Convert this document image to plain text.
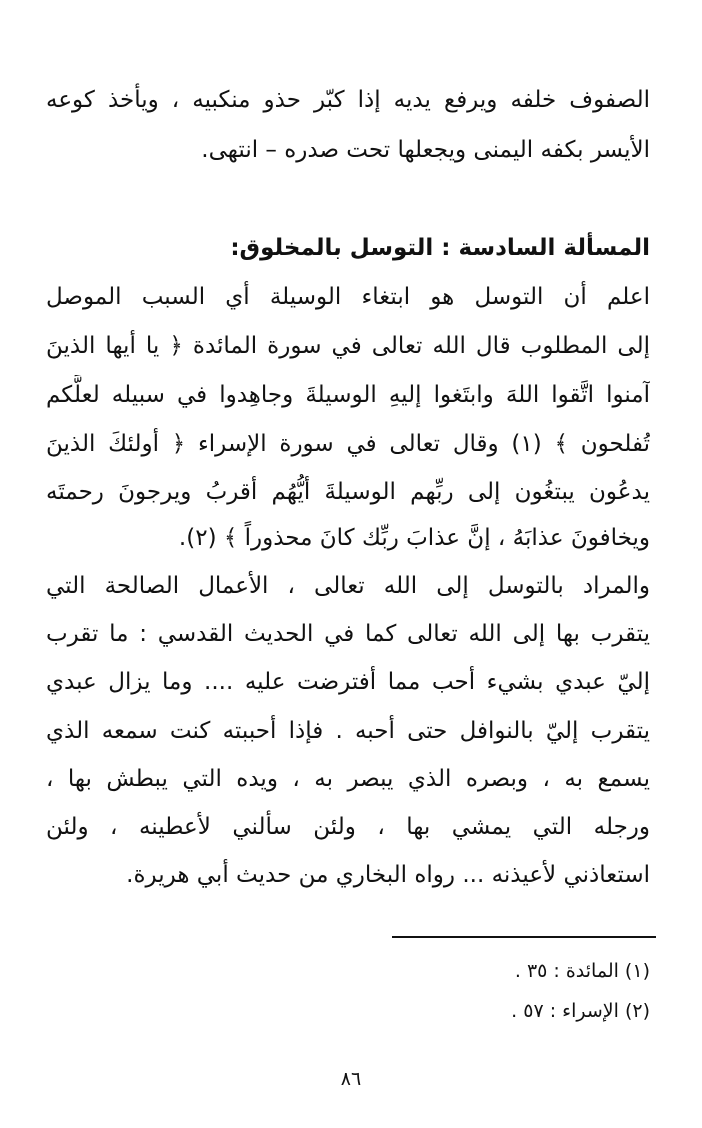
الصفوف خلفه ويرفع يديه إذا كبّر حذو منكبيه ، ويأخذ كوعه
الأيسر بكفه اليمنى ويجعلها تحت صدره – انتهى.
المسألة السادسة : التوسل بالمخلوق:
اعلم أن التوسل هو ابتغاء الوسيلة أي السبب الموصل
إلى المطلوب قال الله تعالى في سورة المائدة ﴿ يا أيها الذينَ
آمنوا اتَّقوا اللهَ وابتَغوا إليهِ الوسيلةَ وجاهِدوا في سبيله لعلَّكم
تُفلحون ﴾ (١) وقال تعالى في سورة الإسراء ﴿ أولئكَ الذينَ
يدعُون يبتغُون إلى ربِّهم الوسيلةَ أيُّهُم أقربُ ويرجونَ رحمتَه
ويخافونَ عذابَهُ ، إنَّ عذابَ ربِّك كانَ محذوراً ﴾ (٢).
والمراد بالتوسل إلى الله تعالى ، الأعمال الصالحة التي
يتقرب بها إلى الله تعالى كما في الحديث القدسي : ما تقرب
إليّ عبدي بشيء أحب مما أفترضت عليه .... وما يزال عبدي
يتقرب إليّ بالنوافل حتى أحبه . فإذا أحببته كنت سمعه الذي
يسمع به ، وبصره الذي يبصر به ، ويده التي يبطش بها ،
ورجله التي يمشي بها ، ولئن سألني لأعطينه ، ولئن
استعاذني لأعيذنه ... رواه البخاري من حديث أبي هريرة.
(١) المائدة : ٣٥ .
(٢) الإسراء : ٥٧ .
٨٦
